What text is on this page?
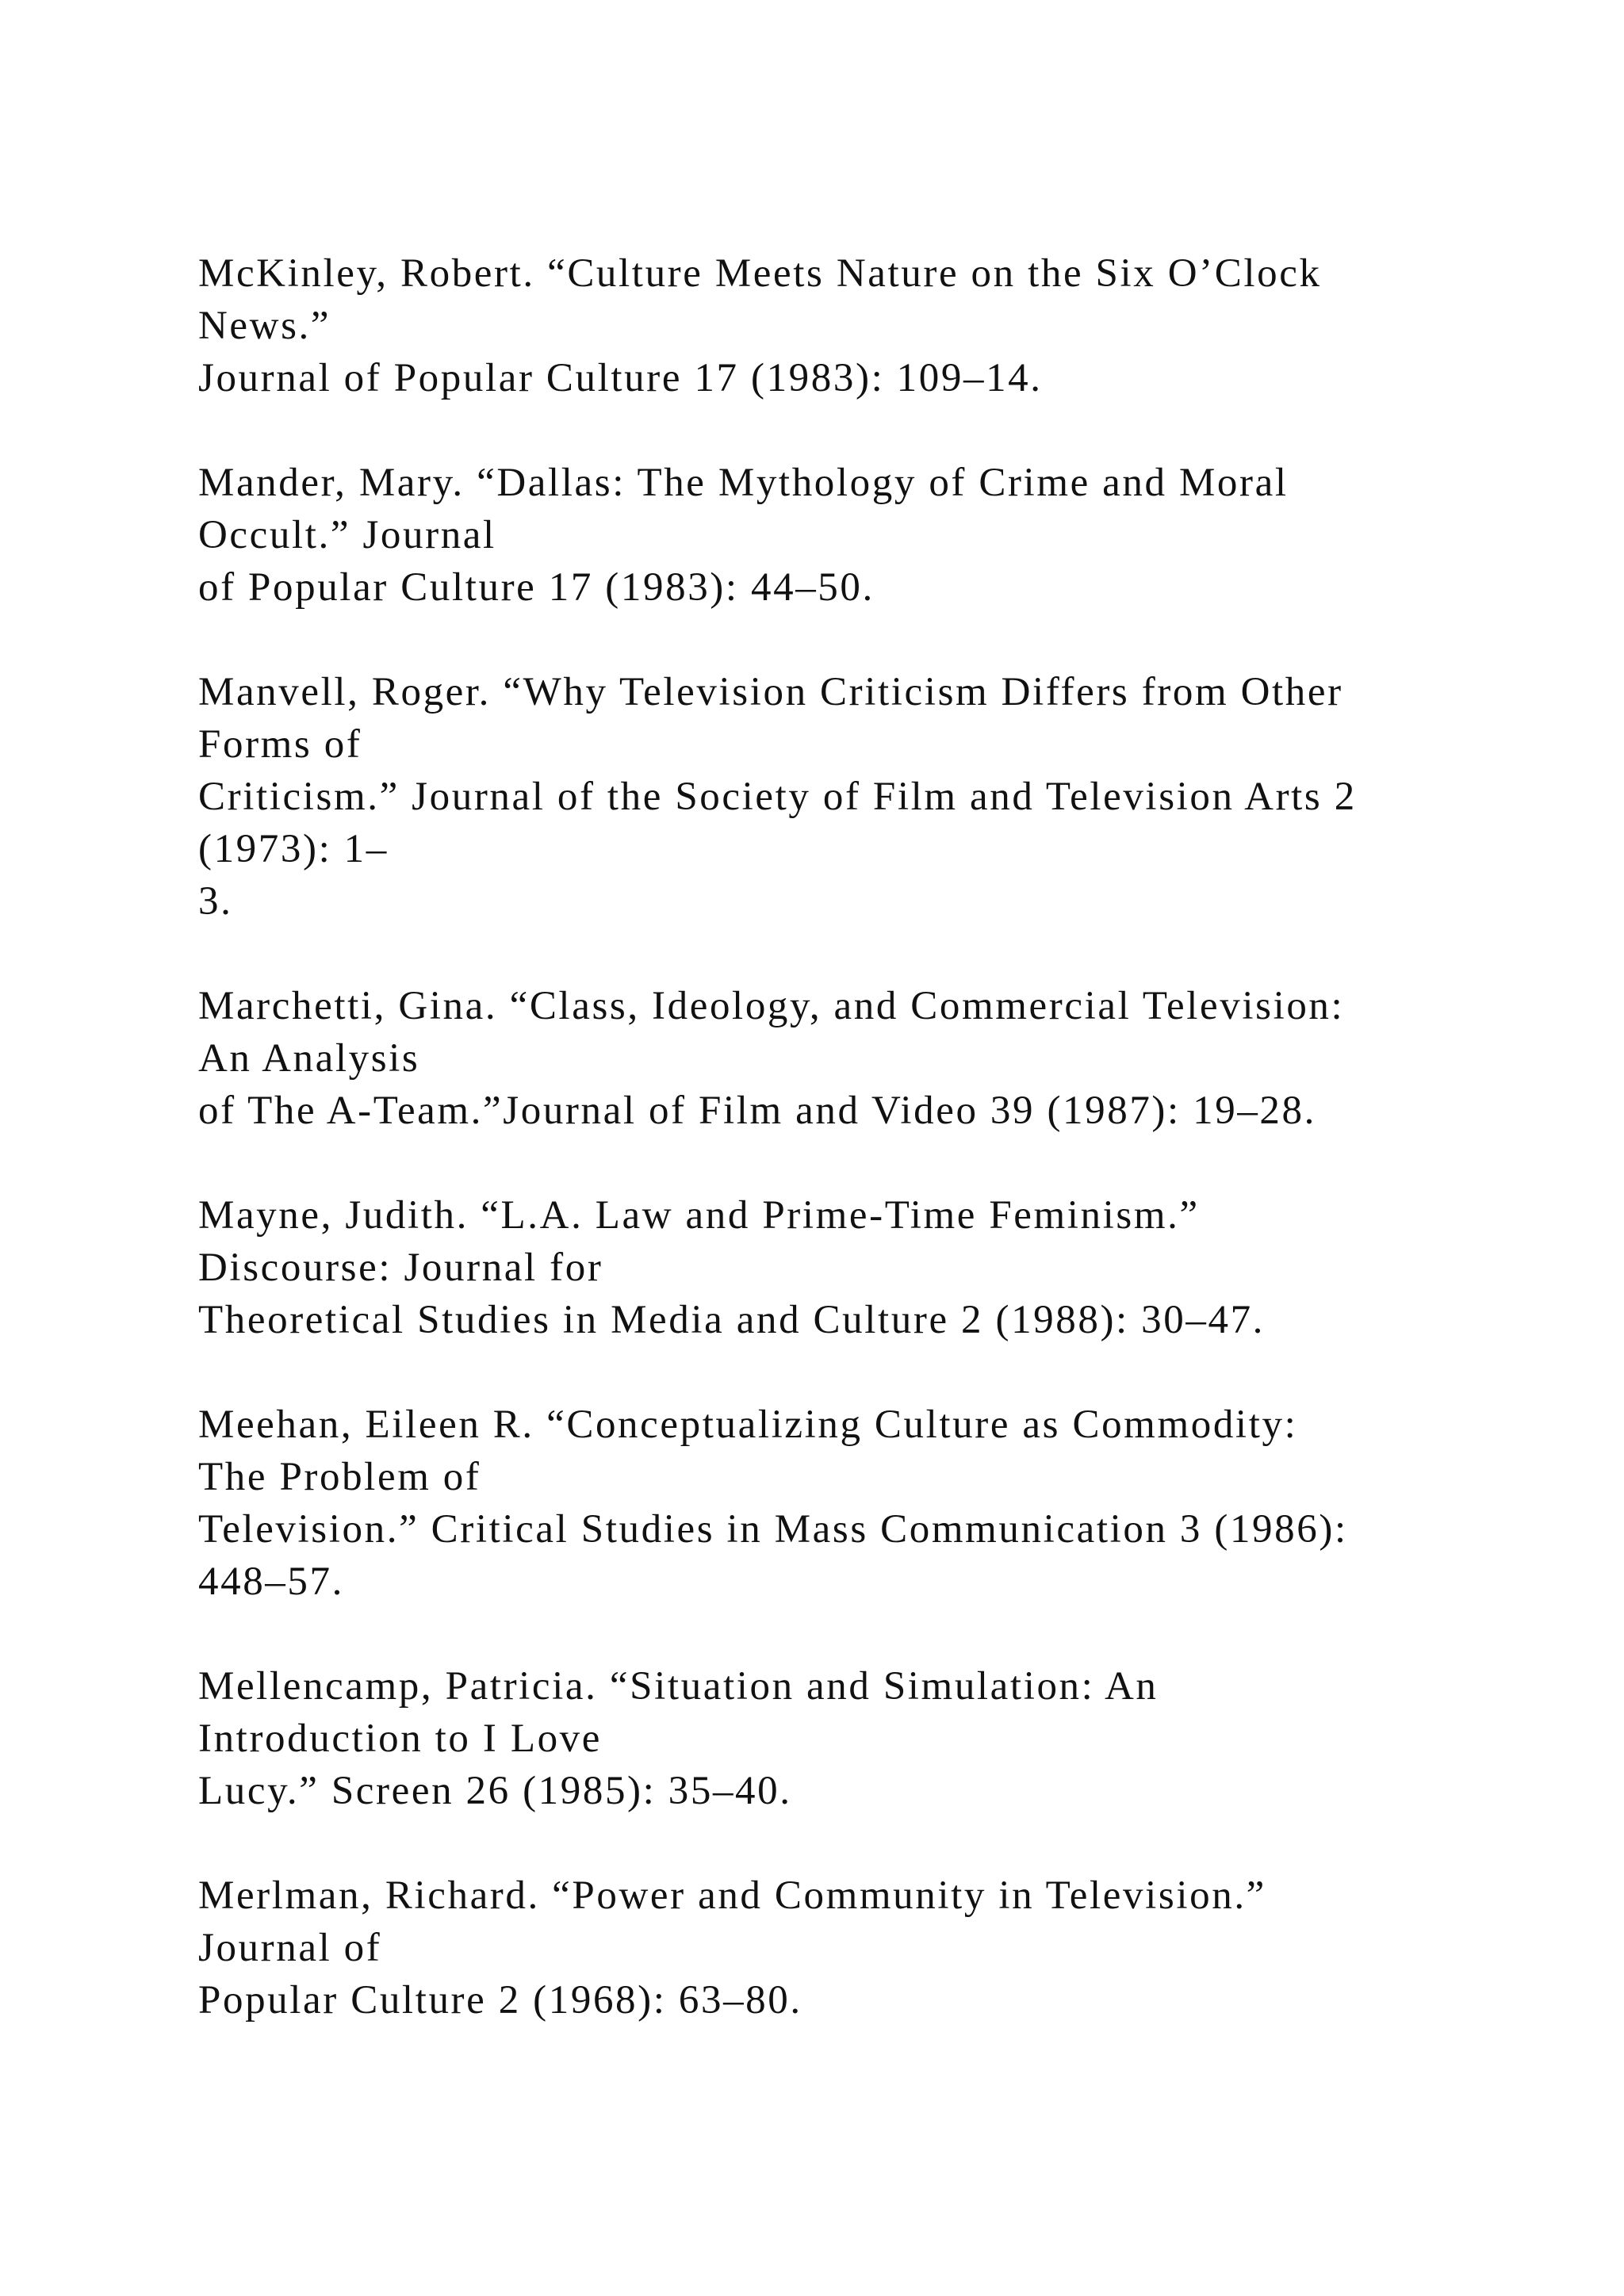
McKinley, Robert. “Culture Meets Nature on the Six O’Clock
News.”
Journal of Popular Culture 17 (1983): 109–14.
Mander, Mary. “Dallas: The Mythology of Crime and Moral
Occult.” Journal
of Popular Culture 17 (1983): 44–50.
Manvell, Roger. “Why Television Criticism Differs from Other
Forms of
Criticism.” Journal of the Society of Film and Television Arts 2
(1973): 1–
3.
Marchetti, Gina. “Class, Ideology, and Commercial Television:
An Analysis
of The A-Team.”Journal of Film and Video 39 (1987): 19–28.
Mayne, Judith. “L.A. Law and Prime-Time Feminism.”
Discourse: Journal for
Theoretical Studies in Media and Culture 2 (1988): 30–47.
Meehan, Eileen R. “Conceptualizing Culture as Commodity:
The Problem of
Television.” Critical Studies in Mass Communication 3 (1986):
448–57.
Mellencamp, Patricia. “Situation and Simulation: An
Introduction to I Love
Lucy.” Screen 26 (1985): 35–40.
Merlman, Richard. “Power and Community in Television.”
Journal of
Popular Culture 2 (1968): 63–80.
